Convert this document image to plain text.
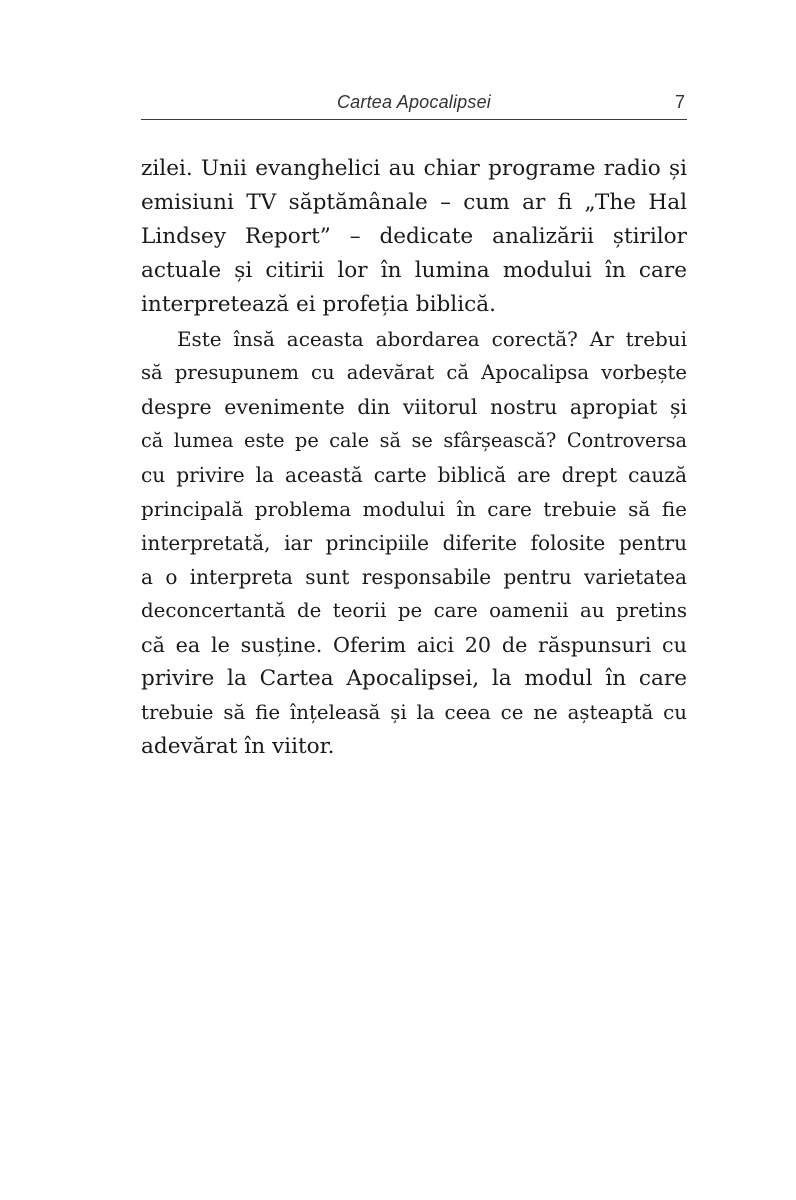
Cartea Apocalipsei	7

zilei. Unii evanghelici au chiar programe radio și
emisiuni TV săptămânale – cum ar fi „The Hal
Lindsey Report” – dedicate analizării știrilor
actuale și citirii lor în lumina modului în care
interpretează ei profeția biblică.

Este însă aceasta abordarea corectă? Ar trebui
să presupunem cu adevărat că Apocalipsa vorbește
despre evenimente din viitorul nostru apropiat și
că lumea este pe cale să se sfârșească? Controversa
cu privire la această carte biblică are drept cauză
principală problema modului în care trebuie să fie
interpretată, iar principiile diferite folosite pentru
a o interpreta sunt responsabile pentru varietatea
deconcertantă de teorii pe care oamenii au pretins
că ea le susține. Oferim aici 20 de răspunsuri cu
privire la Cartea Apocalipsei, la modul în care
trebuie să fie înțeleasă și la ceea ce ne așteaptă cu
adevărat în viitor.
